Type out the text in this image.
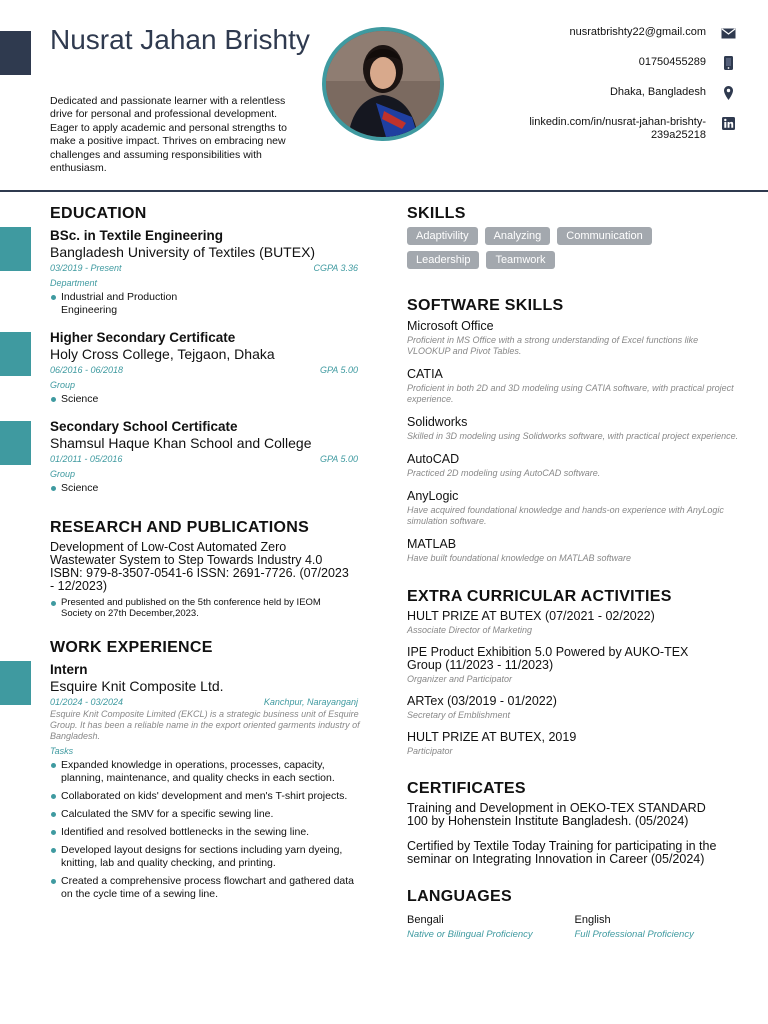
Nusrat Jahan Brishty

Dedicated and passionate learner with a relentless drive for personal and professional development. Eager to apply academic and personal strengths to make a positive impact. Thrives on embracing new challenges and assuming responsibilities with enthusiasm.

nusratbrishty22@gmail.com
01750455289
Dhaka, Bangladesh
linkedin.com/in/nusrat-jahan-brishty-239a25218
EDUCATION
BSc. in Textile Engineering
Bangladesh University of Textiles (BUTEX)
03/2019 - Present	CGPA 3.36
Department
Industrial and Production Engineering
Higher Secondary Certificate
Holy Cross College, Tejgaon, Dhaka
06/2016 - 06/2018	GPA 5.00
Group
Science
Secondary School Certificate
Shamsul Haque Khan School and College
01/2011 - 05/2016	GPA 5.00
Group
Science
RESEARCH AND PUBLICATIONS
Development of Low-Cost Automated Zero Wastewater System to Step Towards Industry 4.0 ISBN: 979-8-3507-0541-6 ISSN: 2691-7726. (07/2023 - 12/2023)
Presented and published on the 5th conference held by IEOM Society on 27th December,2023.
WORK EXPERIENCE
Intern
Esquire Knit Composite Ltd.
01/2024 - 03/2024	Kanchpur, Narayanganj
Esquire Knit Composite Limited (EKCL) is a strategic business unit of Esquire Group. It has been a reliable name in the export oriented garments industry of Bangladesh.
Tasks
Expanded knowledge in operations, processes, capacity, planning, maintenance, and quality checks in each section.
Collaborated on kids' development and men's T-shirt projects.
Calculated the SMV for a specific sewing line.
Identified and resolved bottlenecks in the sewing line.
Developed layout designs for sections including yarn dyeing, knitting, lab and quality checking, and printing.
Created a comprehensive process flowchart and gathered data on the cycle time of a sewing line.
SKILLS
Adaptivility	Analyzing	Communication
Leadership	Teamwork
SOFTWARE SKILLS
Microsoft Office
Proficient in MS Office with a strong understanding of Excel functions like VLOOKUP and Pivot Tables.
CATIA
Proficient in both 2D and 3D modeling using CATIA software, with practical project experience.
Solidworks
Skilled in 3D modeling using Solidworks software, with practical project experience.
AutoCAD
Practiced 2D modeling using AutoCAD software.
AnyLogic
Have acquired foundational knowledge and hands-on experience with AnyLogic simulation software.
MATLAB
Have built foundational knowledge on MATLAB software
EXTRA CURRICULAR ACTIVITIES
HULT PRIZE AT BUTEX (07/2021 - 02/2022)
Associate Director of Marketing
IPE Product Exhibition 5.0 Powered by AUKO-TEX Group (11/2023 - 11/2023)
Organizer and Participator
ARTex (03/2019 - 01/2022)
Secretary of Emblishment
HULT PRIZE AT BUTEX, 2019
Participator
CERTIFICATES
Training and Development in OEKO-TEX STANDARD 100 by Hohenstein Institute Bangladesh. (05/2024)
Certified by Textile Today Training for participating in the seminar on Integrating Innovation in Career (05/2024)
LANGUAGES
Bengali
Native or Bilingual Proficiency
English
Full Professional Proficiency
